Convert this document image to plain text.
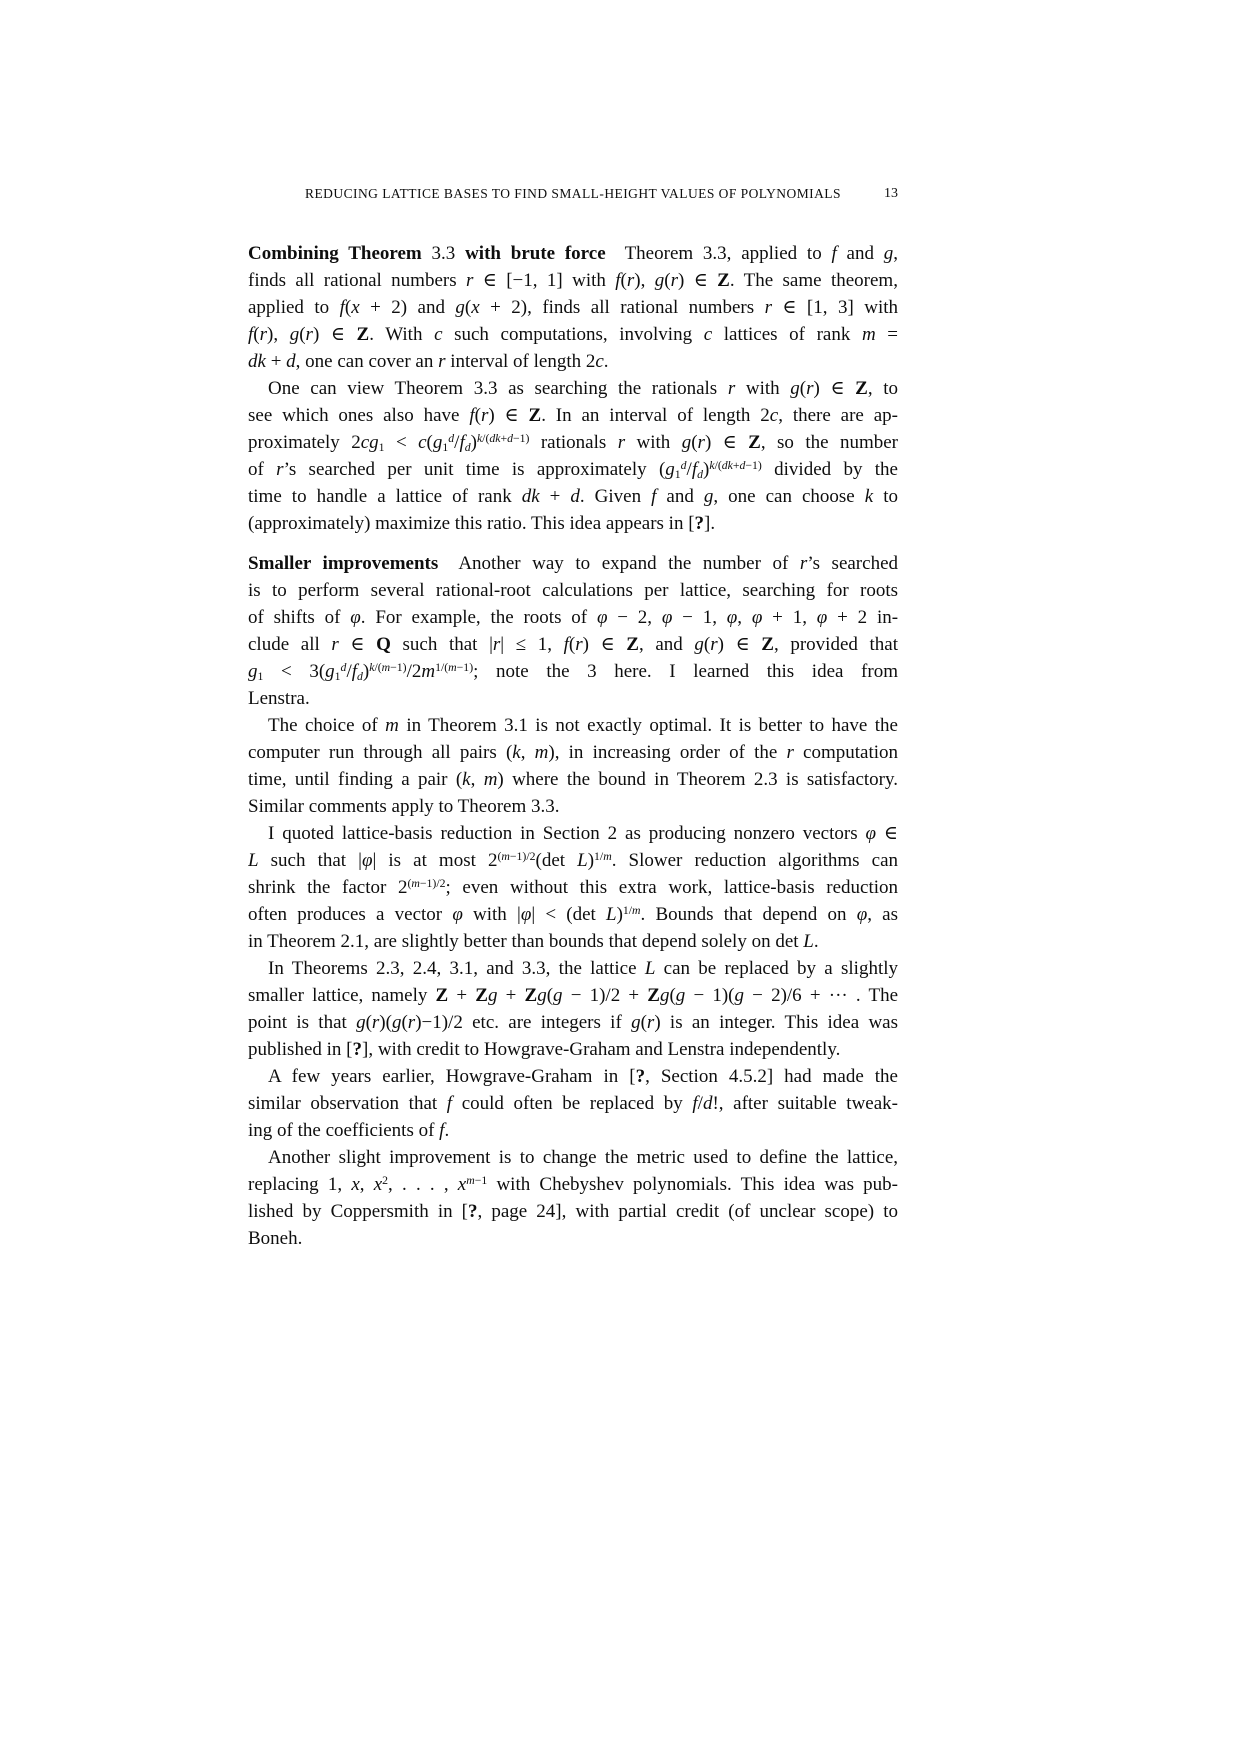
REDUCING LATTICE BASES TO FIND SMALL-HEIGHT VALUES OF POLYNOMIALS	13
Combining Theorem 3.3 with brute force  Theorem 3.3, applied to f and g,
finds all rational numbers r ∈ [−1, 1] with f(r), g(r) ∈ Z. The same theorem,
applied to f(x + 2) and g(x + 2), finds all rational numbers r ∈ [1, 3] with
f(r), g(r) ∈ Z. With c such computations, involving c lattices of rank m =
dk + d, one can cover an r interval of length 2c.
One can view Theorem 3.3 as searching the rationals r with g(r) ∈ Z, to
see which ones also have f(r) ∈ Z. In an interval of length 2c, there are ap-
proximately $2cg_1 < c(g_1^d/f_d)^{k/(dk+d-1)}$ rationals r with g(r) ∈ Z, so the number
of r’s searched per unit time is approximately $(g_1^d/f_d)^{k/(dk+d-1)}$ divided by the
time to handle a lattice of rank dk + d. Given f and g, one can choose k to
(approximately) maximize this ratio. This idea appears in [?].
Smaller improvements  Another way to expand the number of r’s searched
is to perform several rational-root calculations per lattice, searching for roots
of shifts of φ. For example, the roots of φ − 2, φ − 1, φ, φ + 1, φ + 2 in-
clude all r ∈ Q such that |r| ≤ 1, f(r) ∈ Z, and g(r) ∈ Z, provided that
$g_1 < 3(g_1^d/f_d)^{k/(m-1)}/2m^{1/(m-1)}$; note the 3 here. I learned this idea from
Lenstra.
The choice of m in Theorem 3.1 is not exactly optimal. It is better to have the
computer run through all pairs (k, m), in increasing order of the r computation
time, until finding a pair (k, m) where the bound in Theorem 2.3 is satisfactory.
Similar comments apply to Theorem 3.3.
I quoted lattice-basis reduction in Section 2 as producing nonzero vectors φ ∈
L such that |φ| is at most $2^{(m-1)/2}(\det$ L)$^{1/m}$. Slower reduction algorithms can
shrink the factor $2^{(m-1)/2}$; even without this extra work, lattice-basis reduction
often produces a vector φ with |φ| < (det L)$^{1/m}$. Bounds that depend on φ, as
in Theorem 2.1, are slightly better than bounds that depend solely on det L.
In Theorems 2.3, 2.4, 3.1, and 3.3, the lattice L can be replaced by a slightly
smaller lattice, namely Z + Zg + Zg(g − 1)/2 + Zg(g − 1)(g − 2)/6 + ··· . The
point is that g(r)(g(r)−1)/2 etc. are integers if g(r) is an integer. This idea was
published in [?], with credit to Howgrave-Graham and Lenstra independently.
A few years earlier, Howgrave-Graham in [?, Section 4.5.2] had made the
similar observation that f could often be replaced by f/d!, after suitable tweak-
ing of the coefficients of f.
Another slight improvement is to change the metric used to define the lattice,
replacing 1, x, $x^2$, . . . , $x^{m-1}$ with Chebyshev polynomials. This idea was pub-
lished by Coppersmith in [?, page 24], with partial credit (of unclear scope) to
Boneh.
